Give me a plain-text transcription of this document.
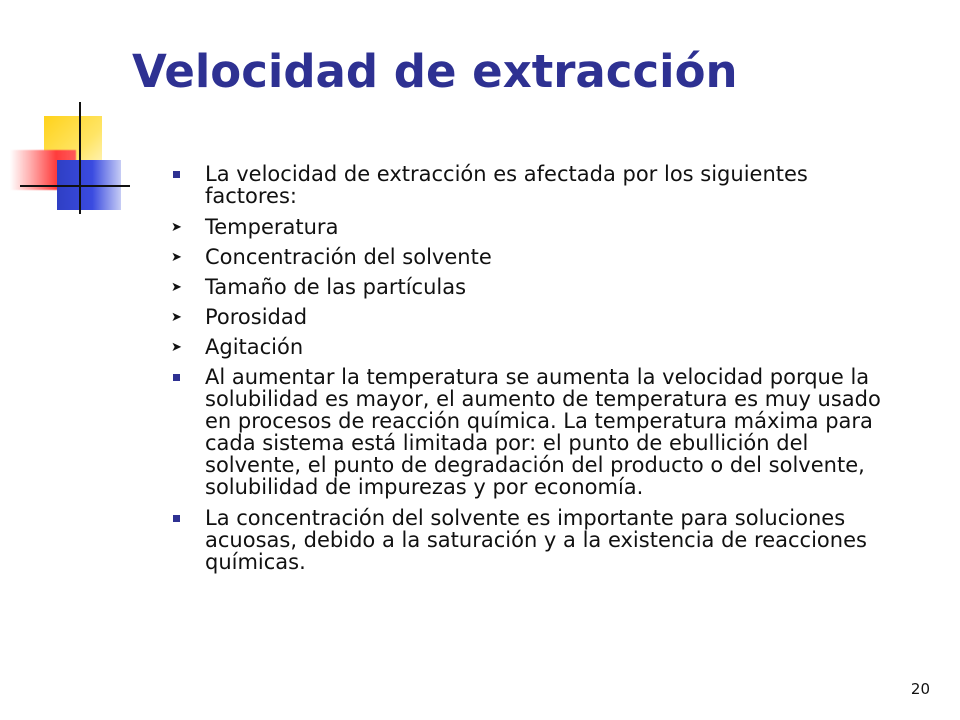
Velocidad de extracción
La velocidad de extracción es afectada por los siguientes factores:
➤ Temperatura
➤ Concentración del solvente
➤ Tamaño de las partículas
➤ Porosidad
➤ Agitación
Al aumentar la temperatura se aumenta la velocidad porque la solubilidad es mayor, el aumento de temperatura es muy usado en procesos de reacción química. La temperatura máxima para cada sistema está limitada por: el punto de ebullición del solvente, el punto de degradación del producto o del solvente, solubilidad de impurezas y por economía.
La concentración del solvente es importante para soluciones acuosas, debido a la saturación y a la existencia de reacciones químicas.
20
